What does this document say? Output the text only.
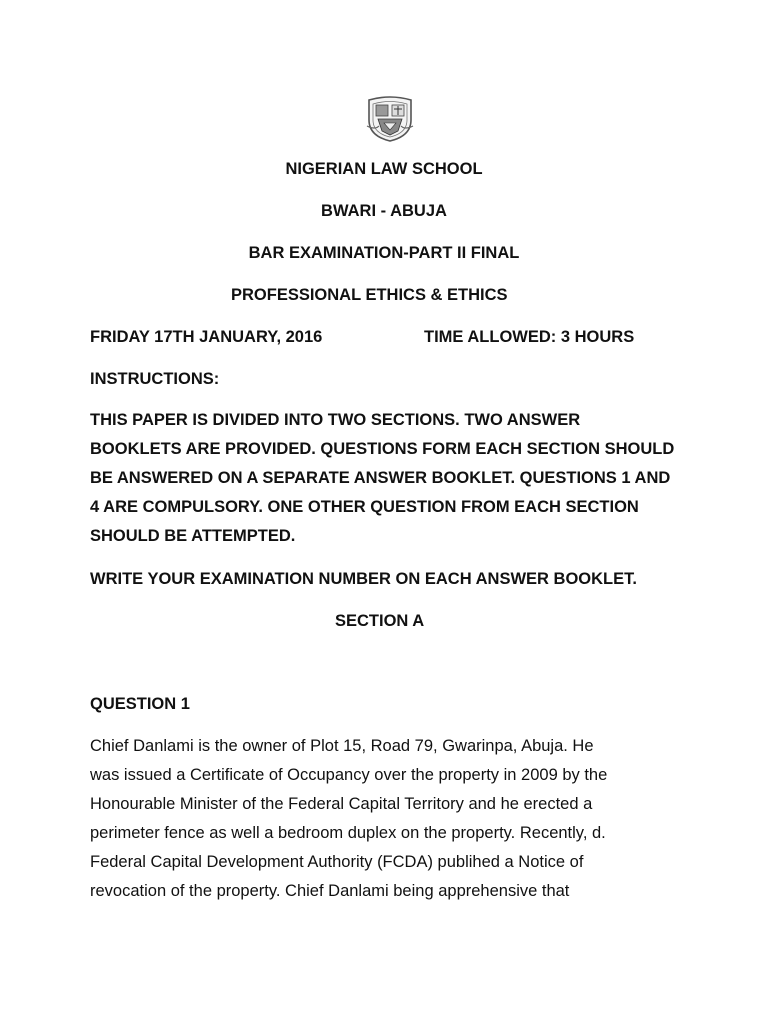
NIGERIAN LAW SCHOOL
BWARI - ABUJA
BAR EXAMINATION-PART II FINAL
PROFESSIONAL ETHICS & ETHICS
FRIDAY 17TH JANUARY, 2016	TIME ALLOWED: 3 HOURS
INSTRUCTIONS:
THIS PAPER IS DIVIDED INTO TWO SECTIONS. TWO ANSWER
BOOKLETS ARE PROVIDED. QUESTIONS FORM EACH SECTION SHOULD
BE ANSWERED ON A SEPARATE ANSWER BOOKLET. QUESTIONS 1 AND
4 ARE COMPULSORY. ONE OTHER QUESTION FROM EACH SECTION
SHOULD BE ATTEMPTED.
WRITE YOUR EXAMINATION NUMBER ON EACH ANSWER BOOKLET.
SECTION A
QUESTION 1
Chief Danlami is the owner of Plot 15, Road 79, Gwarinpa, Abuja. He
was issued a Certificate of Occupancy over the property in 2009 by the
Honourable Minister of the Federal Capital Territory and he erected a
perimeter fence as well a bedroom duplex on the property. Recently, d.
Federal Capital Development Authority (FCDA) publihed a Notice of
revocation of the property. Chief Danlami being apprehensive that
